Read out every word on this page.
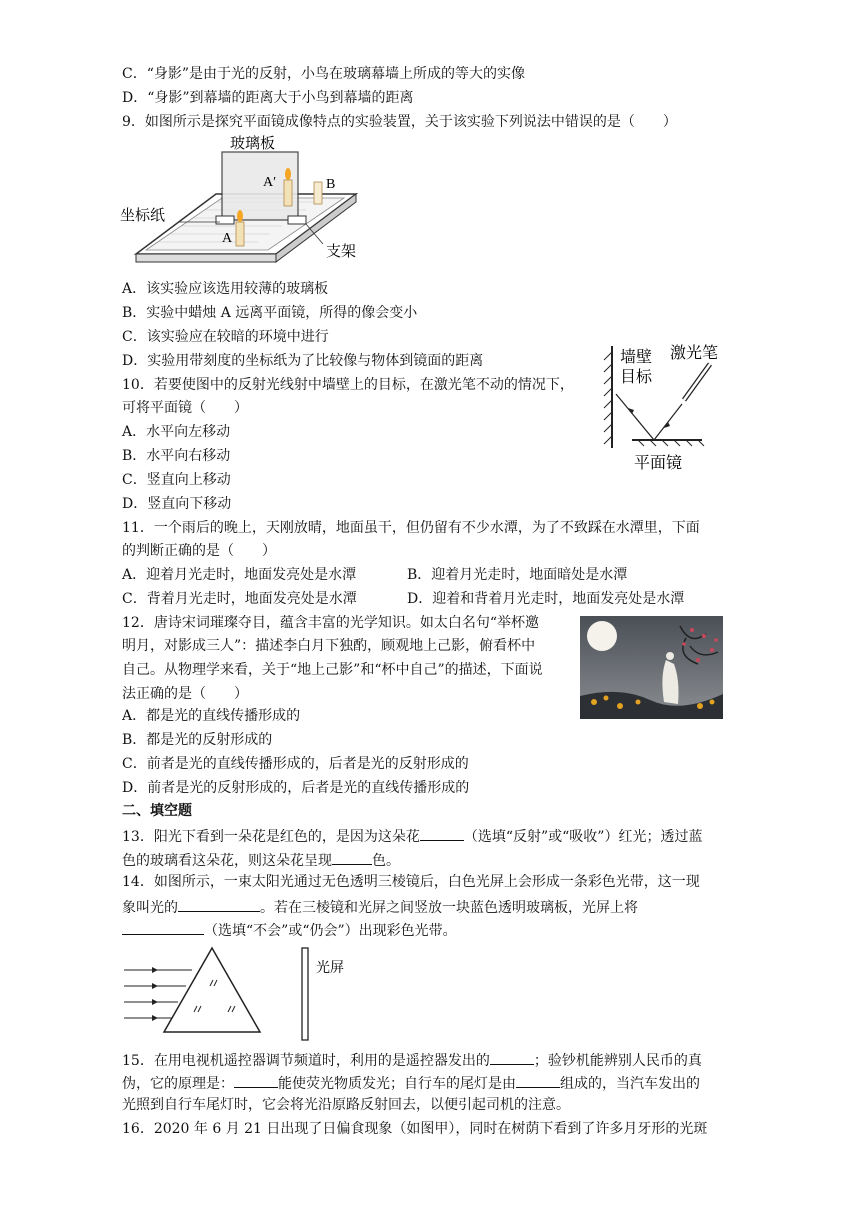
C．“身影”是由于光的反射，小鸟在玻璃幕墙上所成的等大的实像
D．“身影”到幕墙的距离大于小鸟到幕墙的距离
9．如图所示是探究平面镜成像特点的实验装置，关于该实验下列说法中错误的是（　　）
玻璃板
坐标纸
A
A′	B
支架
A．该实验应该选用较薄的玻璃板
B．实验中蜡烛 A 远离平面镜，所得的像会变小
C．该实验应在较暗的环境中进行
D．实验用带刻度的坐标纸为了比较像与物体到镜面的距离
10．若要使图中的反射光线射中墙壁上的目标，在激光笔不动的情况下，
可将平面镜（　　）
A．水平向左移动
B．水平向右移动
C．竖直向上移动
D．竖直向下移动
墙壁
目标
激光笔
平面镜
11．一个雨后的晚上，天刚放晴，地面虽干，但仍留有不少水潭，为了不致踩在水潭里，下面
的判断正确的是（　　）
A．迎着月光走时，地面发亮处是水潭	B．迎着月光走时，地面暗处是水潭
C．背着月光走时，地面发亮处是水潭	D．迎着和背着月光走时，地面发亮处是水潭
12．唐诗宋词璀璨夺目，蕴含丰富的光学知识。如太白名句“举杯邀
明月，对影成三人”：描述李白月下独酌，顾观地上己影，俯看杯中
自己。从物理学来看，关于“地上己影”和“杯中自己”的描述，下面说
法正确的是（　　）
A．都是光的直线传播形成的
B．都是光的反射形成的
C．前者是光的直线传播形成的，后者是光的反射形成的
D．前者是光的反射形成的，后者是光的直线传播形成的
二、填空题
13．阳光下看到一朵花是红色的，是因为这朵花	（选填“反射”或“吸收”）红光；透过蓝
色的玻璃看这朵花，则这朵花呈现	色。
14．如图所示，一束太阳光通过无色透明三棱镜后，白色光屏上会形成一条彩色光带，这一现
象叫光的	。若在三棱镜和光屏之间竖放一块蓝色透明玻璃板，光屏上将
（选填“不会”或“仍会”）出现彩色光带。
光屏
15．在用电视机遥控器调节频道时，利用的是遥控器发出的	；验钞机能辨别人民币的真
伪，它的原理是：	能使荧光物质发光；自行车的尾灯是由	组成的，当汽车发出的
光照到自行车尾灯时，它会将光沿原路反射回去，以便引起司机的注意。
16．2020 年 6 月 21 日出现了日偏食现象（如图甲），同时在树荫下看到了许多月牙形的光斑
